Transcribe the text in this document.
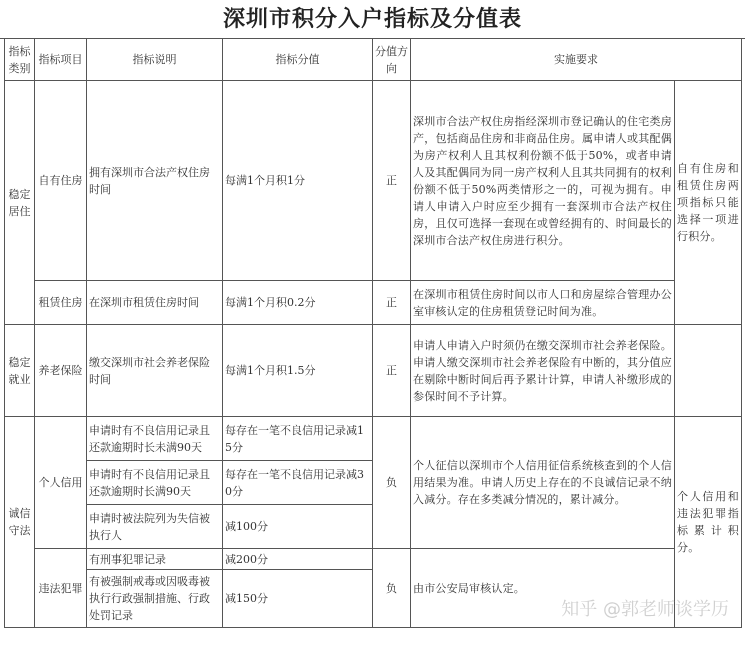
深圳市积分入户指标及分值表
指标类别	指标项目	指标说明	指标分值	分值方向	实施要求	
稳定居住	自有住房	拥有深圳市合法产权住房时间	每满1个月积1分	正	深圳市合法产权住房指经深圳市登记确认的住宅类房产，包括商品住房和非商品住房。属申请人或其配偶为房产权利人且其权利份额不低于50%，或者申请人及其配偶同为同一房产权利人且其共同拥有的权利份额不低于50%两类情形之一的，可视为拥有。申请人申请入户时应至少拥有一套深圳市合法产权住房，且仅可选择一套现在或曾经拥有的、时间最长的深圳市合法产权住房进行积分。	自有住房和租赁住房两项指标只能选择一项进行积分。
	租赁住房	在深圳市租赁住房时间	每满1个月积0.2分	正	在深圳市租赁住房时间以市人口和房屋综合管理办公室审核认定的住房租赁登记时间为准。	
稳定就业	养老保险	缴交深圳市社会养老保险时间	每满1个月积1.5分	正	申请人申请入户时须仍在缴交深圳市社会养老保险。申请人缴交深圳市社会养老保险有中断的，其分值应在剔除中断时间后再予累计计算，申请人补缴形成的参保时间不予计算。	
诚信守法	个人信用	申请时有不良信用记录且还款逾期时长未满90天	每存在一笔不良信用记录减15分	负	个人征信以深圳市个人信用征信系统核查到的个人信用结果为准。申请人历史上存在的不良诚信记录不纳入减分。存在多类减分情况的，累计减分。	个人信用和违法犯罪指标累计积分。
		申请时有不良信用记录且还款逾期时长满90天	每存在一笔不良信用记录减30分			
		申请时被法院列为失信被执行人	减100分			
	违法犯罪	有刑事犯罪记录	减200分	负	由市公安局审核认定。	
		有被强制戒毒或因吸毒被执行行政强制措施、行政处罚记录	减150分			
知乎 @郭老师谈学历
